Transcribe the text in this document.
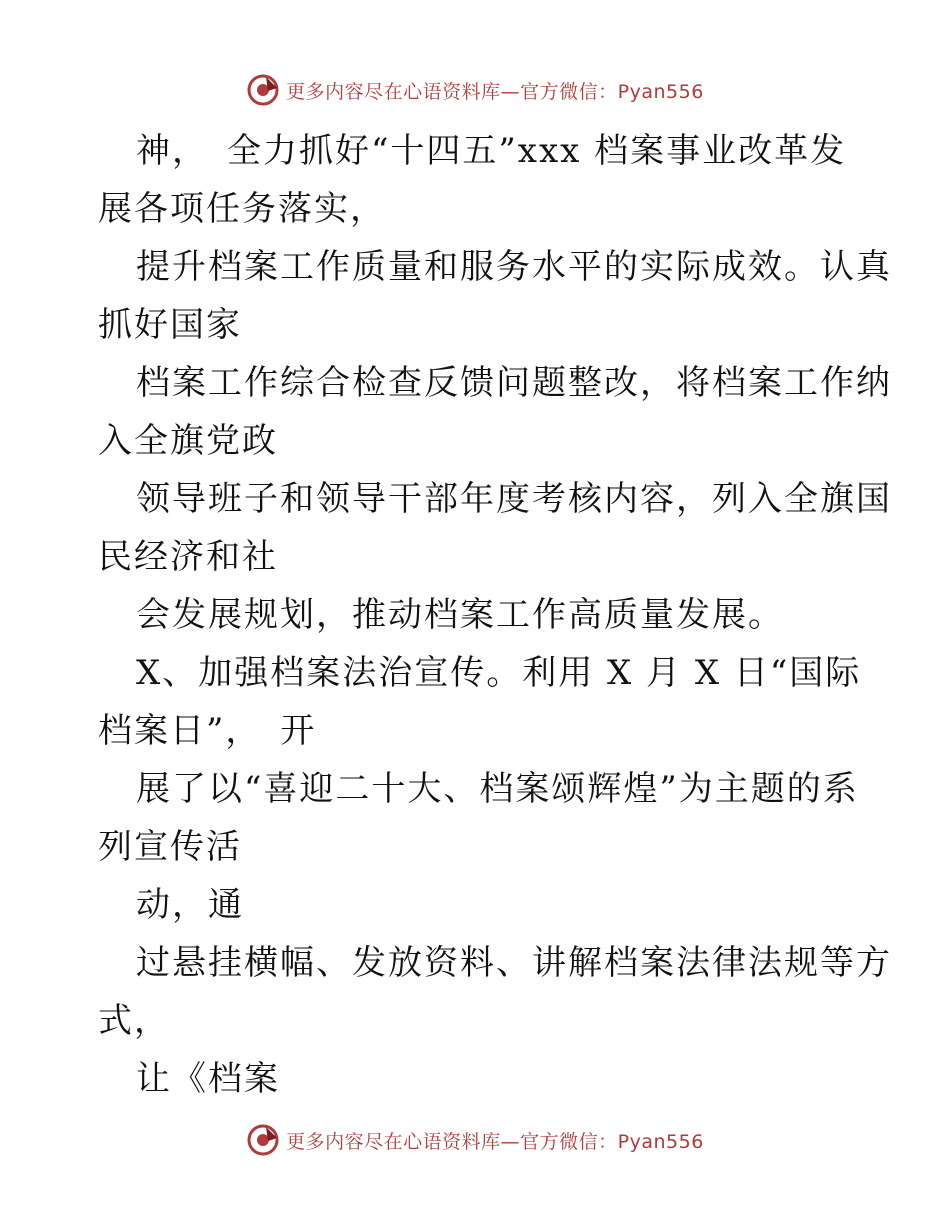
更多内容尽在心语资料库—官方微信：Pyan556
神，　全力抓好“十四五”xxx 档案事业改革发
展各项任务落实，
提升档案工作质量和服务水平的实际成效。认真
抓好国家
档案工作综合检查反馈问题整改，将档案工作纳
入全旗党政
领导班子和领导干部年度考核内容，列入全旗国
民经济和社
会发展规划，推动档案工作高质量发展。
X、加强档案法治宣传。利用 X 月 X 日“国际
档案日”，　开
展了以“喜迎二十大、档案颂辉煌”为主题的系
列宣传活
动，通
过悬挂横幅、发放资料、讲解档案法律法规等方
式，
让《档案
更多内容尽在心语资料库—官方微信：Pyan556
